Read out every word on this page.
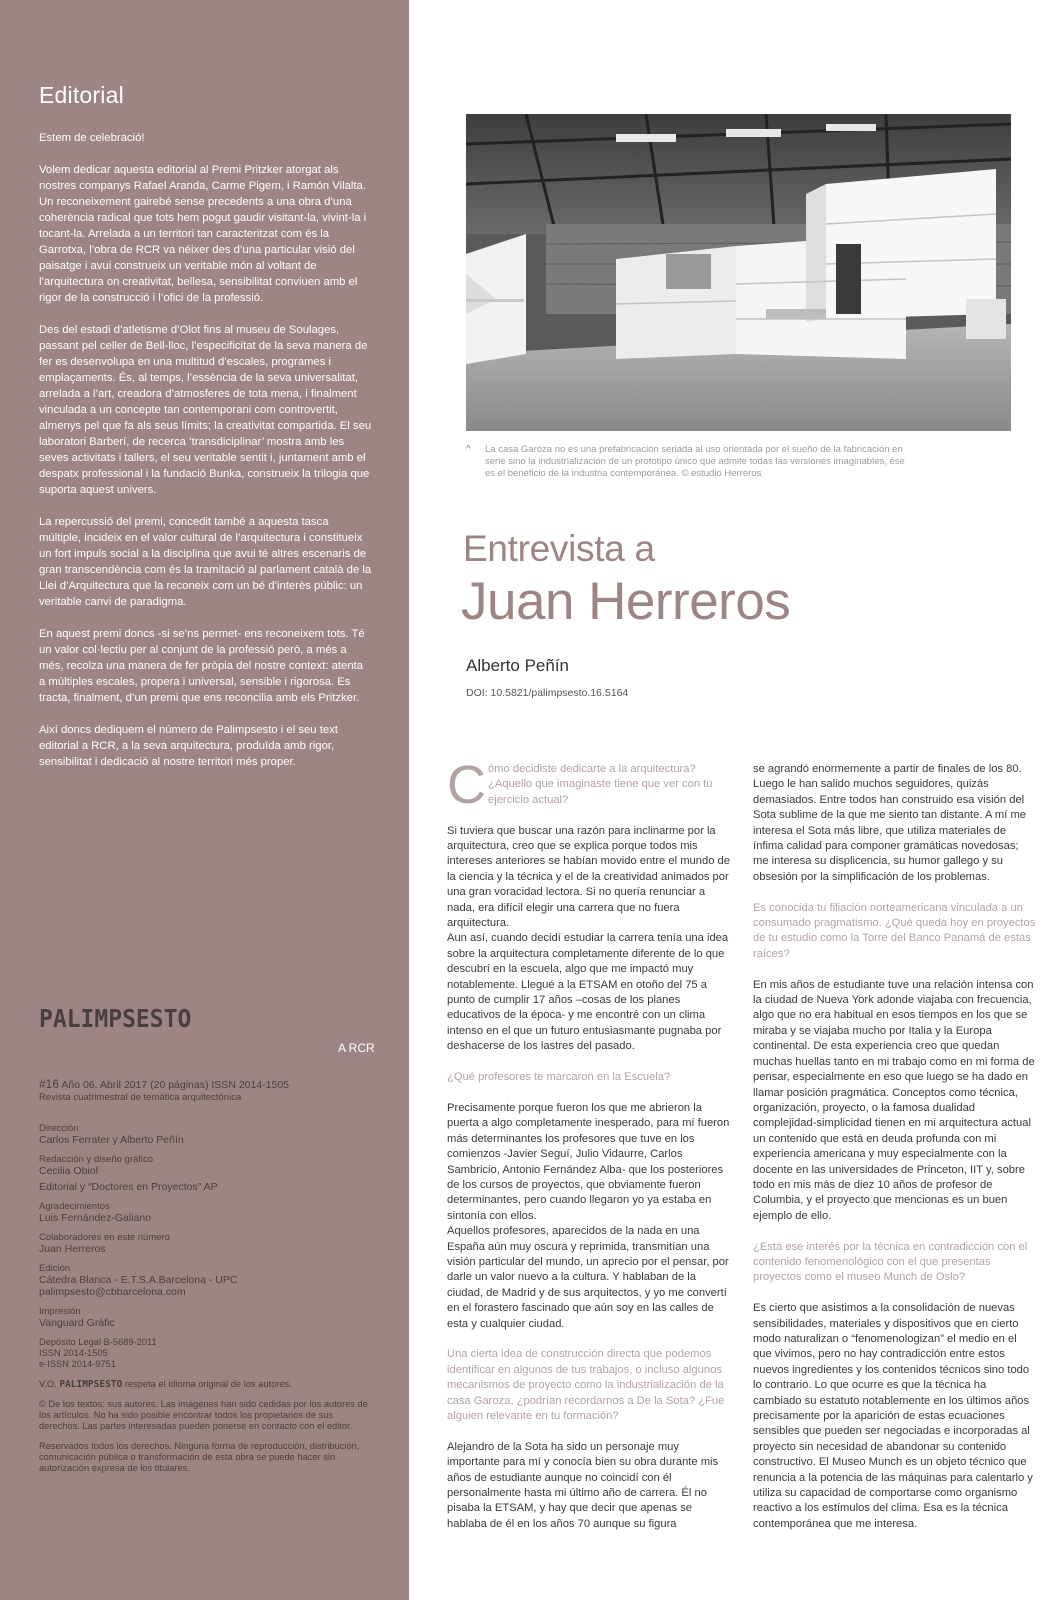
Editorial

Estem de celebració!

Volem dedicar aquesta editorial al Premi Pritzker atorgat als nostres companys Rafael Aranda, Carme Pigem, i Ramón Vilalta. Un reconeixement gairebé sense precedents a una obra d’una coherència radical que tots hem pogut gaudir visitant-la, vivint-la i tocant-la. Arrelada a un territori tan caracteritzat com és la Garrotxa, l’obra de RCR va néixer des d’una particular visió del paisatge i avui construeix un veritable món al voltant de l’arquitectura on creativitat, bellesa, sensibilitat conviuen amb el rigor de la construcció i l’ofici de la professió.

Des del estadi d’atletisme d’Olot fins al museu de Soulages, passant pel celler de Bell-lloc, l’especificitat de la seva manera de fer es desenvolupa en una multitud d’escales, programes i emplaçaments. És, al temps, l’essència de la seva universalitat, arrelada a l’art, creadora d’atmosferes de tota mena, i finalment vinculada a un concepte tan contemporani com controvertit, almenys pel que fa als seus límits; la creativitat compartida. El seu laboratori Barberí, de recerca ‘transdiciplinar’ mostra amb les seves activitats i tallers, el seu veritable sentit i, juntament amb el despatx professional i la fundació Bunka, construeix la trilogia que suporta aquest univers.

La repercussió del premi, concedit també a aquesta tasca múltiple, incideix en el valor cultural de l’arquitectura i constitueix un fort impuls social a la disciplina que avui té altres escenaris de gran transcendència com és la tramitació al parlament català de la Llei d’Arquitectura que la reconeix com un bé d’interès públic: un veritable canvi de paradigma.

En aquest premi doncs -si se’ns permet- ens reconeixem tots. Té un valor col·lectiu per al conjunt de la professió però, a més a més, recolza una manera de fer pròpia del nostre context: atenta a múltiples escales, propera i universal, sensible i rigorosa. Es tracta, finalment, d’un premi que ens reconcilia amb els Pritzker.

Així doncs dediquem el número de Palimpsesto i el seu text editorial a RCR, a la seva arquitectura, produïda amb rigor, sensibilitat i dedicació al nostre territori més proper.

PALIMPSESTO
A RCR
#16 Año 06. Abril 2017 (20 páginas) ISSN 2014-1505
Revista cuatrimestral de temática arquitectónica
Dirección
Carlos Ferrater y Alberto Peñín
Redacción y diseño gráfico
Cecilia Obiol
Editorial y “Doctores en Proyectos” AP
Agradecimientos
Luis Fernández-Galiano
Colaboradores en este número
Juan Herreros
Edición
Cátedra Blanca - E.T.S.A.Barcelona - UPC
palimpsesto@cbbarcelona.com
Impresión
Vanguard Gràfic
Depósito Legal B-5689-2011
ISSN 2014-1505
e-ISSN 2014-9751
V.O. PALIMPSESTO respeta el idioma original de los autores.
© De los textos: sus autores. Las imágenes han sido cedidas por los autores de los artículos. No ha sido posible encontrar todos los propietarios de sus derechos. Las partes interesadas pueden ponerse en contacto con el editor.
Reservados todos los derechos. Ninguna forma de reproducción, distribución, comunicación pública o transformación de esta obra se puede hacer sin autorización expresa de los titulares.
^ La casa Garoza no es una prefabricación seriada al uso orientada por el sueño de la fabricación en serie sino la industrialización de un prototipo único que admite todas las versiones imaginables, ése es el beneficio de la industria contemporánea. © estudio Herreros
Entrevista a
Juan Herreros
Alberto Peñín
DOI: 10.5821/palimpsesto.16.5164

Cómo decidiste dedicarte a la arquitectura? ¿Aquello que imaginaste tiene que ver con tu ejercicio actual?

Si tuviera que buscar una razón para inclinarme por la arquitectura, creo que se explica porque todos mis intereses anteriores se habían movido entre el mundo de la ciencia y la técnica y el de la creatividad animados por una gran voracidad lectora. Si no quería renunciar a nada, era difícil elegir una carrera que no fuera arquitectura.

Aun así, cuando decidí estudiar la carrera tenía una idea sobre la arquitectura completamente diferente de lo que descubrí en la escuela, algo que me impactó muy notablemente. Llegué a la ETSAM en otoño del 75 a punto de cumplir 17 años –cosas de los planes educativos de la época- y me encontré con un clima intenso en el que un futuro entusiasmante pugnaba por deshacerse de los lastres del pasado.

¿Qué profesores te marcaron en la Escuela?

Precisamente porque fueron los que me abrieron la puerta a algo completamente inesperado, para mí fueron más determinantes los profesores que tuve en los comienzos -Javier Seguí, Julio Vidaurre, Carlos Sambricio, Antonio Fernández Alba- que los posteriores de los cursos de proyectos, que obviamente fueron determinantes, pero cuando llegaron yo ya estaba en sintonía con ellos.

Aquellos profesores, aparecidos de la nada en una España aún muy oscura y reprimida, transmitían una visión particular del mundo, un aprecio por el pensar, por darle un valor nuevo a la cultura. Y hablaban de la ciudad, de Madrid y de sus arquitectos, y yo me convertí en el forastero fascinado que aún soy en las calles de esta y cualquier ciudad.

Una cierta idea de construcción directa que podemos identificar en algunos de tus trabajos, o incluso algunos mecanismos de proyecto como la industrialización de la casa Garoza, ¿podrían recordarnos a De la Sota? ¿Fue alguien relevante en tu formación?

Alejandro de la Sota ha sido un personaje muy importante para mí y conocía bien su obra durante mis años de estudiante aunque no coincidí con él personalmente hasta mi último año de carrera. Él no pisaba la ETSAM, y hay que decir que apenas se hablaba de él en los años 70 aunque su figura

se agrandó enormemente a partir de finales de los 80. Luego le han salido muchos seguidores, quizás demasiados. Entre todos han construido esa visión del Sota sublime de la que me siento tan distante. A mí me interesa el Sota más libre, que utiliza materiales de ínfima calidad para componer gramáticas novedosas; me interesa su displicencia, su humor gallego y su obsesión por la simplificación de los problemas.

Es conocida tu filiación norteamericana vinculada a un consumado pragmatismo. ¿Qué queda hoy en proyectos de tu estudio como la Torre del Banco Panamá de estas raíces?

En mis años de estudiante tuve una relación intensa con la ciudad de Nueva York adonde viajaba con frecuencia, algo que no era habitual en esos tiempos en los que se miraba y se viajaba mucho por Italia y la Europa continental. De esta experiencia creo que quedan muchas huellas tanto en mi trabajo como en mi forma de pensar, especialmente en eso que luego se ha dado en llamar posición pragmática. Conceptos como técnica, organización, proyecto, o la famosa dualidad complejidad-simplicidad tienen en mi arquitectura actual un contenido que está en deuda profunda con mi experiencia americana y muy especialmente con la docente en las universidades de Princeton, IIT y, sobre todo en mis más de diez 10 años de profesor de Columbia, y el proyecto que mencionas es un buen ejemplo de ello.

¿Está ese interés por la técnica en contradicción con el contenido fenomenológico con el que presentas proyectos como el museo Munch de Oslo?

Es cierto que asistimos a la consolidación de nuevas sensibilidades, materiales y dispositivos que en cierto modo naturalizan o “fenomenologizan” el medio en el que vivimos, pero no hay contradicción entre estos nuevos ingredientes y los contenidos técnicos sino todo lo contrario. Lo que ocurre es que la técnica ha cambiado su estatuto notablemente en los últimos años precisamente por la aparición de estas ecuaciones sensibles que pueden ser negociadas e incorporadas al proyecto sin necesidad de abandonar su contenido constructivo. El Museo Munch es un objeto técnico que renuncia a la potencia de las máquinas para calentarlo y utiliza su capacidad de comportarse como organismo reactivo a los estímulos del clima. Esa es la técnica contemporánea que me interesa.
